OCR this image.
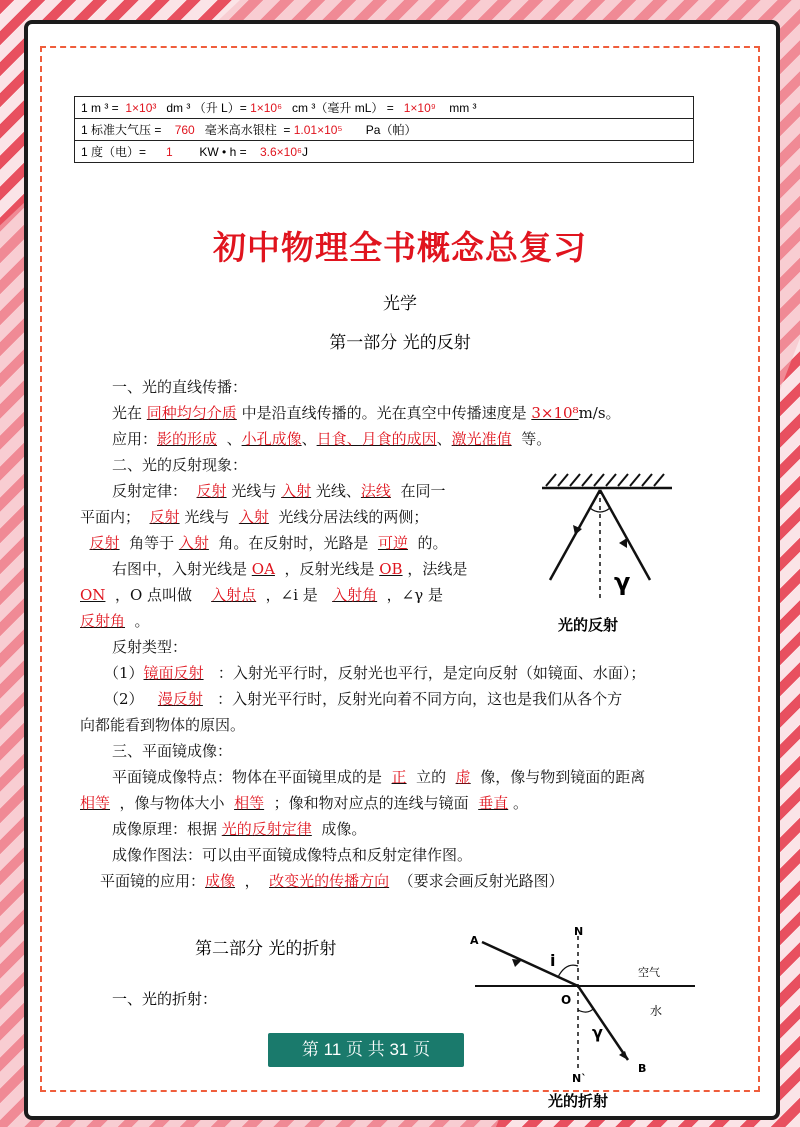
1 m ³ =  1×10³   dm ³ （升 L）= 1×10⁶   cm ³（毫升 mL） =   1×10⁹    mm ³
1 标准大气压 =    760   毫米高水银柱  = 1.01×10⁵       Pa（帕）
1 度（电）=      1        KW • h =    3.6×10⁶J
初中物理全书概念总复习
光学
第一部分 光的反射

一、光的直线传播：

光在 同种均匀介质 中是沿直线传播的。光在真空中传播速度是 3×10⁸m/s。

应用：影的形成  、小孔成像、日食、月食的成因、激光准值  等。

二、光的反射现象：

反射定律：  反射 光线与 入射 光线、法线  在同一

平面内；  反射 光线与  入射  光线分居法线的两侧；

反射  角等于 入射  角。在反射时，光路是  可逆  的。

右图中，入射光线是 OA  ，反射光线是 OB ，法线是

ON  ，O 点叫做    入射点  ，∠i 是   入射角  ，∠γ 是

反射角  。

反射类型：

（1）镜面反射   ：入射光平行时，反射光也平行，是定向反射（如镜面、水面）；

（2）   漫反射   ：入射光平行时，反射光向着不同方向，这也是我们从各个方

向都能看到物体的原因。

三、平面镜成像：

平面镜成像特点：物体在平面镜里成的是  正  立的  虚  像，像与物到镜面的距离

相等  ，像与物体大小  相等  ；像和物对应点的连线与镜面  垂直 。

成像原理：根据 光的反射定律  成像。

成像作图法：可以由平面镜成像特点和反射定律作图。

平面镜的应用：成像  ，  改变光的传播方向  （要求会画反射光路图）

γ
光的反射
第二部分 光的折射
一、光的折射：
A
N
i
空气
O
水
γ
B
N`
光的折射
第 11 页 共 31 页
